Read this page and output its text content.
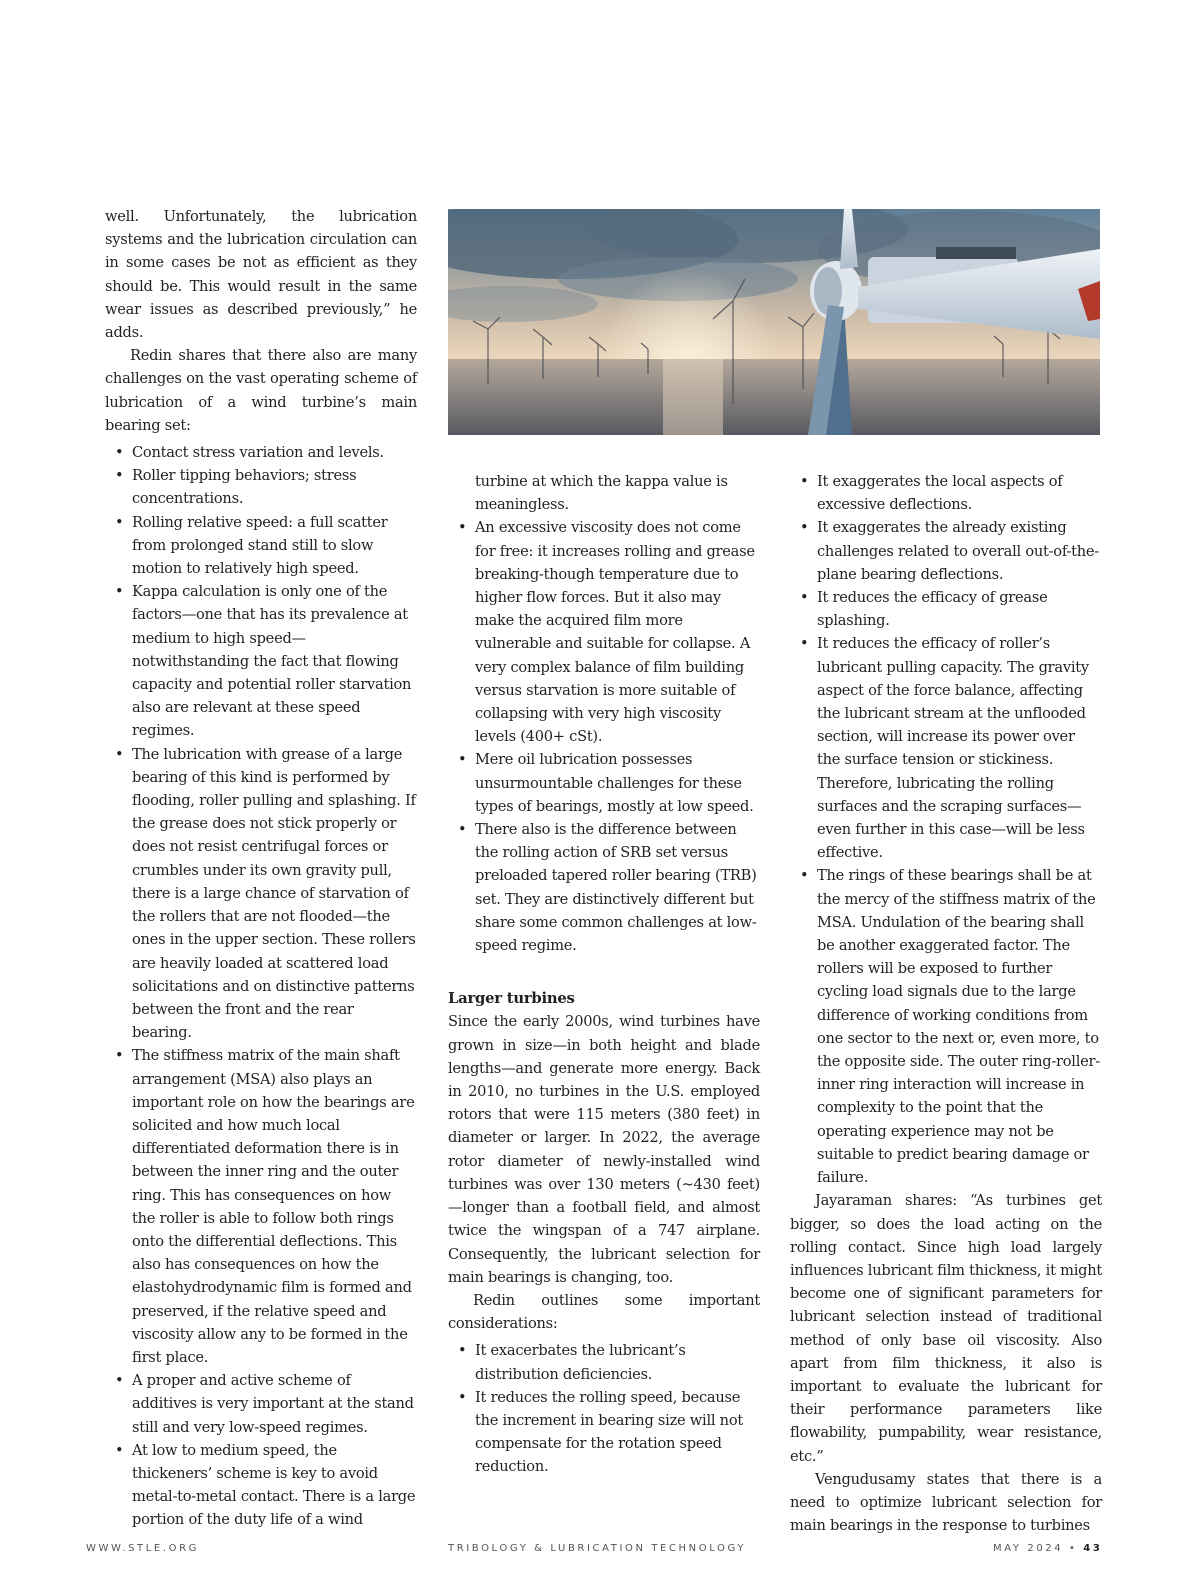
well. Unfortunately, the lubrication systems and the lubrication circulation can in some cases be not as efficient as they should be. This would result in the same wear issues as described previously,” he adds.

Redin shares that there also are many challenges on the vast operating scheme of lubrication of a wind turbine’s main bearing set:

• Contact stress variation and levels.
• Roller tipping behaviors; stress concentrations.
• Rolling relative speed: a full scatter from prolonged stand still to slow motion to relatively high speed.
• Kappa calculation is only one of the factors—one that has its prevalence at medium to high speed—notwithstanding the fact that flowing capacity and potential roller starvation also are relevant at these speed regimes.
• The lubrication with grease of a large bearing of this kind is performed by flooding, roller pulling and splashing. If the grease does not stick properly or does not resist centrifugal forces or crumbles under its own gravity pull, there is a large chance of starvation of the rollers that are not flooded—the ones in the upper section. These rollers are heavily loaded at scattered load solicitations and on distinctive patterns between the front and the rear bearing.
• The stiffness matrix of the main shaft arrangement (MSA) also plays an important role on how the bearings are solicited and how much local differentiated deformation there is in between the inner ring and the outer ring. This has consequences on how the roller is able to follow both rings onto the differential deflections. This also has consequences on how the elastohydrodynamic film is formed and preserved, if the relative speed and viscosity allow any to be formed in the first place.
• A proper and active scheme of additives is very important at the stand still and very low-speed regimes.
• At low to medium speed, the thickeners’ scheme is key to avoid metal-to-metal contact. There is a large portion of the duty life of a wind
turbine at which the kappa value is meaningless.
• An excessive viscosity does not come for free: it increases rolling and grease breaking-though temperature due to higher flow forces. But it also may make the acquired film more vulnerable and suitable for collapse. A very complex balance of film building versus starvation is more suitable of collapsing with very high viscosity levels (400+ cSt).
• Mere oil lubrication possesses unsurmountable challenges for these types of bearings, mostly at low speed.
• There also is the difference between the rolling action of SRB set versus preloaded tapered roller bearing (TRB) set. They are distinctively different but share some common challenges at low-speed regime.
Larger turbines

Since the early 2000s, wind turbines have grown in size—in both height and blade lengths—and generate more energy. Back in 2010, no turbines in the U.S. employed rotors that were 115 meters (380 feet) in diameter or larger. In 2022, the average rotor diameter of newly-installed wind turbines was over 130 meters (~430 feet)—longer than a football field, and almost twice the wingspan of a 747 airplane. Consequently, the lubricant selection for main bearings is changing, too.

Redin outlines some important considerations:

• It exacerbates the lubricant’s distribution deficiencies.
• It reduces the rolling speed, because the increment in bearing size will not compensate for the rotation speed reduction.
• It exaggerates the local aspects of excessive deflections.
• It exaggerates the already existing challenges related to overall out-of-the-plane bearing deflections.
• It reduces the efficacy of grease splashing.
• It reduces the efficacy of roller’s lubricant pulling capacity. The gravity aspect of the force balance, affecting the lubricant stream at the unflooded section, will increase its power over the surface tension or stickiness. Therefore, lubricating the rolling surfaces and the scraping surfaces—even further in this case—will be less effective.
• The rings of these bearings shall be at the mercy of the stiffness matrix of the MSA. Undulation of the bearing shall be another exaggerated factor. The rollers will be exposed to further cycling load signals due to the large difference of working conditions from one sector to the next or, even more, to the opposite side. The outer ring-roller-inner ring interaction will increase in complexity to the point that the operating experience may not be suitable to predict bearing damage or failure.

Jayaraman shares: “As turbines get bigger, so does the load acting on the rolling contact. Since high load largely influences lubricant film thickness, it might become one of significant parameters for lubricant selection instead of traditional method of only base oil viscosity. Also apart from film thickness, it also is important to evaluate the lubricant for their performance parameters like flowability, pumpability, wear resistance, etc.”

Vengudusamy states that there is a need to optimize lubricant selection for main bearings in the response to turbines

WWW.STLE.ORG	TRIBOLOGY & LUBRICATION TECHNOLOGY	MAY 2024 • 43
